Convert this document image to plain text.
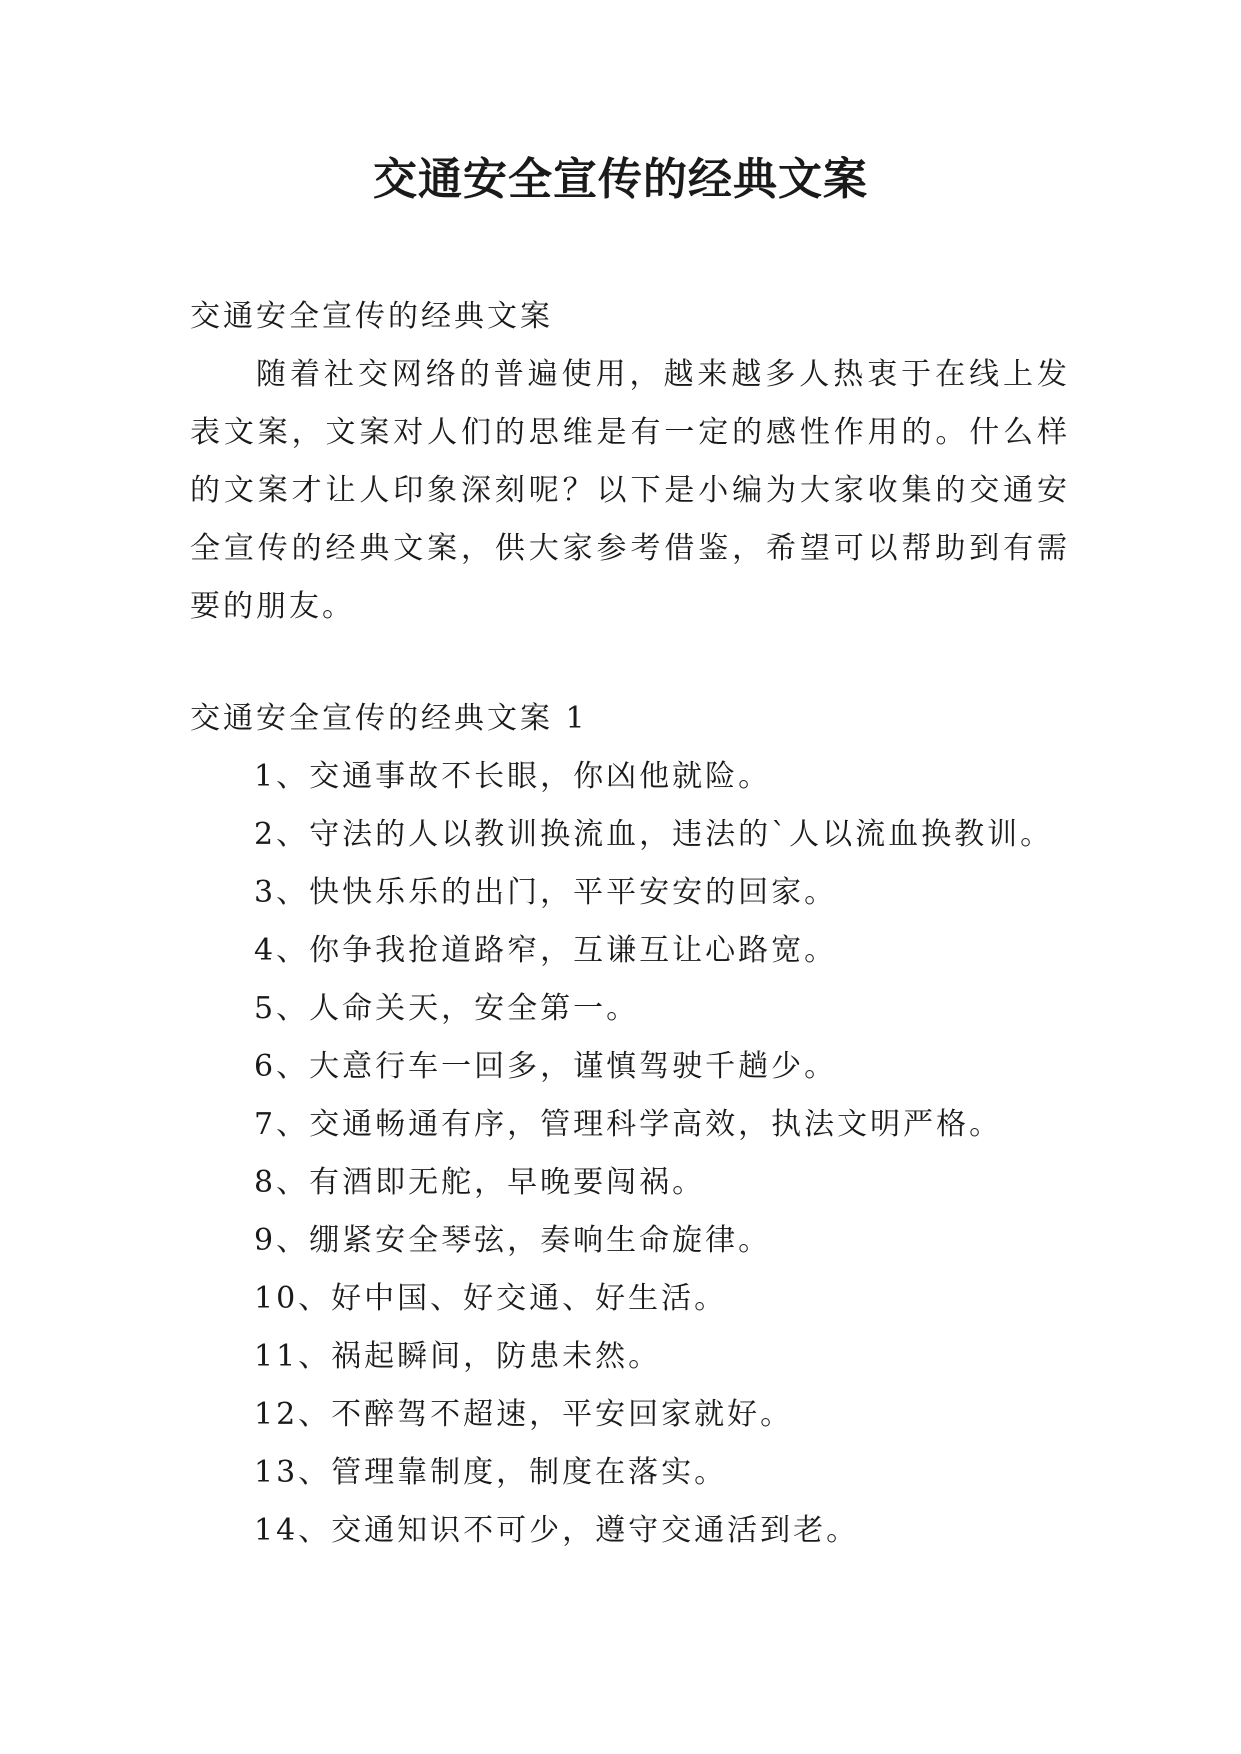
交通安全宣传的经典文案

交通安全宣传的经典文案

随着社交网络的普遍使用，越来越多人热衷于在线上发表文案，文案对人们的思维是有一定的感性作用的。什么样的文案才让人印象深刻呢？以下是小编为大家收集的交通安全宣传的经典文案，供大家参考借鉴，希望可以帮助到有需要的朋友。

交通安全宣传的经典文案 1

1、交通事故不长眼，你凶他就险。
2、守法的人以教训换流血，违法的`人以流血换教训。
3、快快乐乐的出门，平平安安的回家。
4、你争我抢道路窄，互谦互让心路宽。
5、人命关天，安全第一。
6、大意行车一回多，谨慎驾驶千趟少。
7、交通畅通有序，管理科学高效，执法文明严格。
8、有酒即无舵，早晚要闯祸。
9、绷紧安全琴弦，奏响生命旋律。
10、好中国、好交通、好生活。
11、祸起瞬间，防患未然。
12、不醉驾不超速，平安回家就好。
13、管理靠制度，制度在落实。
14、交通知识不可少，遵守交通活到老。
